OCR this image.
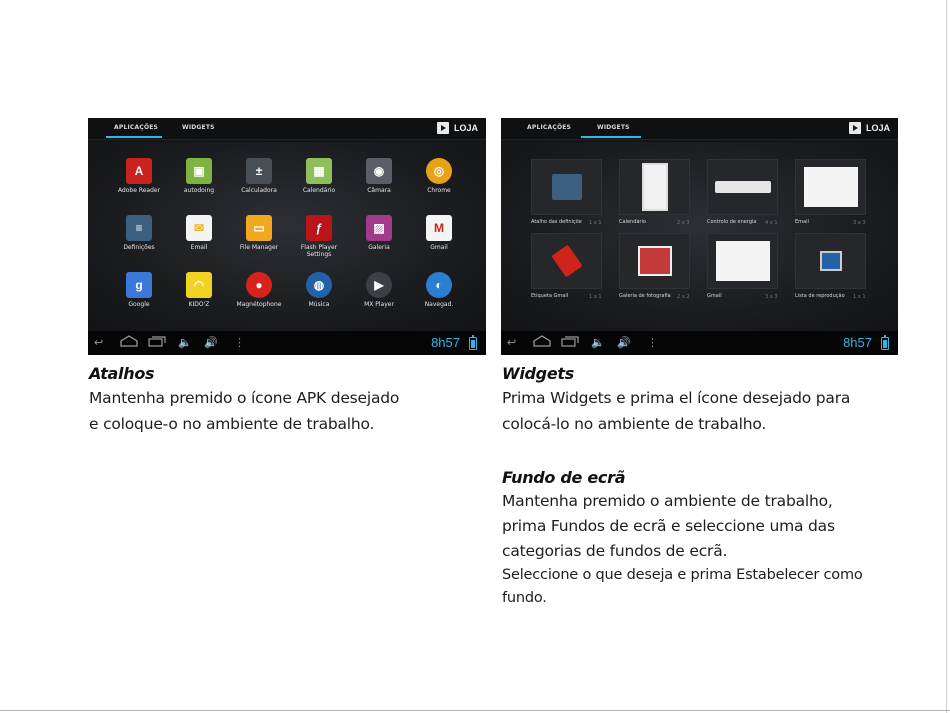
APLICAÇÕES	WIDGETS	LOJA
A
Adobe Reader
▣
autodoing
±
Calculadora
▦
Calendário
◉
Câmara
◎
Chrome
≡
Definições
✉
Email
▭
File Manager
ƒ
Flash Player Settings
▨
Galeria
M
Gmail
g
Google
◠
KIDO'Z
●
Magnétophone
◍
Música
▶
MX Player
◐
Navegad.
↩	🔈 🔊 ⋮	8h57
APLICAÇÕES	WIDGETS	LOJA
Atalho das definiçõe	1 x 1	Calendário	2 x 3	Controlo de energia	4 x 1	Email	3 x 3
Etiqueta Gmail	1 x 1	Galeria de fotografia	2 x 2	Gmail	3 x 3	Lista de reprodução	1 x 1
↩	🔈 🔊 ⋮	8h57
Atalhos
Mantenha premido o ícone APK desejado
e coloque-o no ambiente de trabalho.
Widgets
Prima Widgets e prima el ícone desejado para
colocá-lo no ambiente de trabalho.
Fundo de ecrã
Mantenha premido o ambiente de trabalho,
prima Fundos de ecrã e seleccione uma das
categorias de fundos de ecrã.
Seleccione o que deseja e prima Estabelecer como
fundo.
